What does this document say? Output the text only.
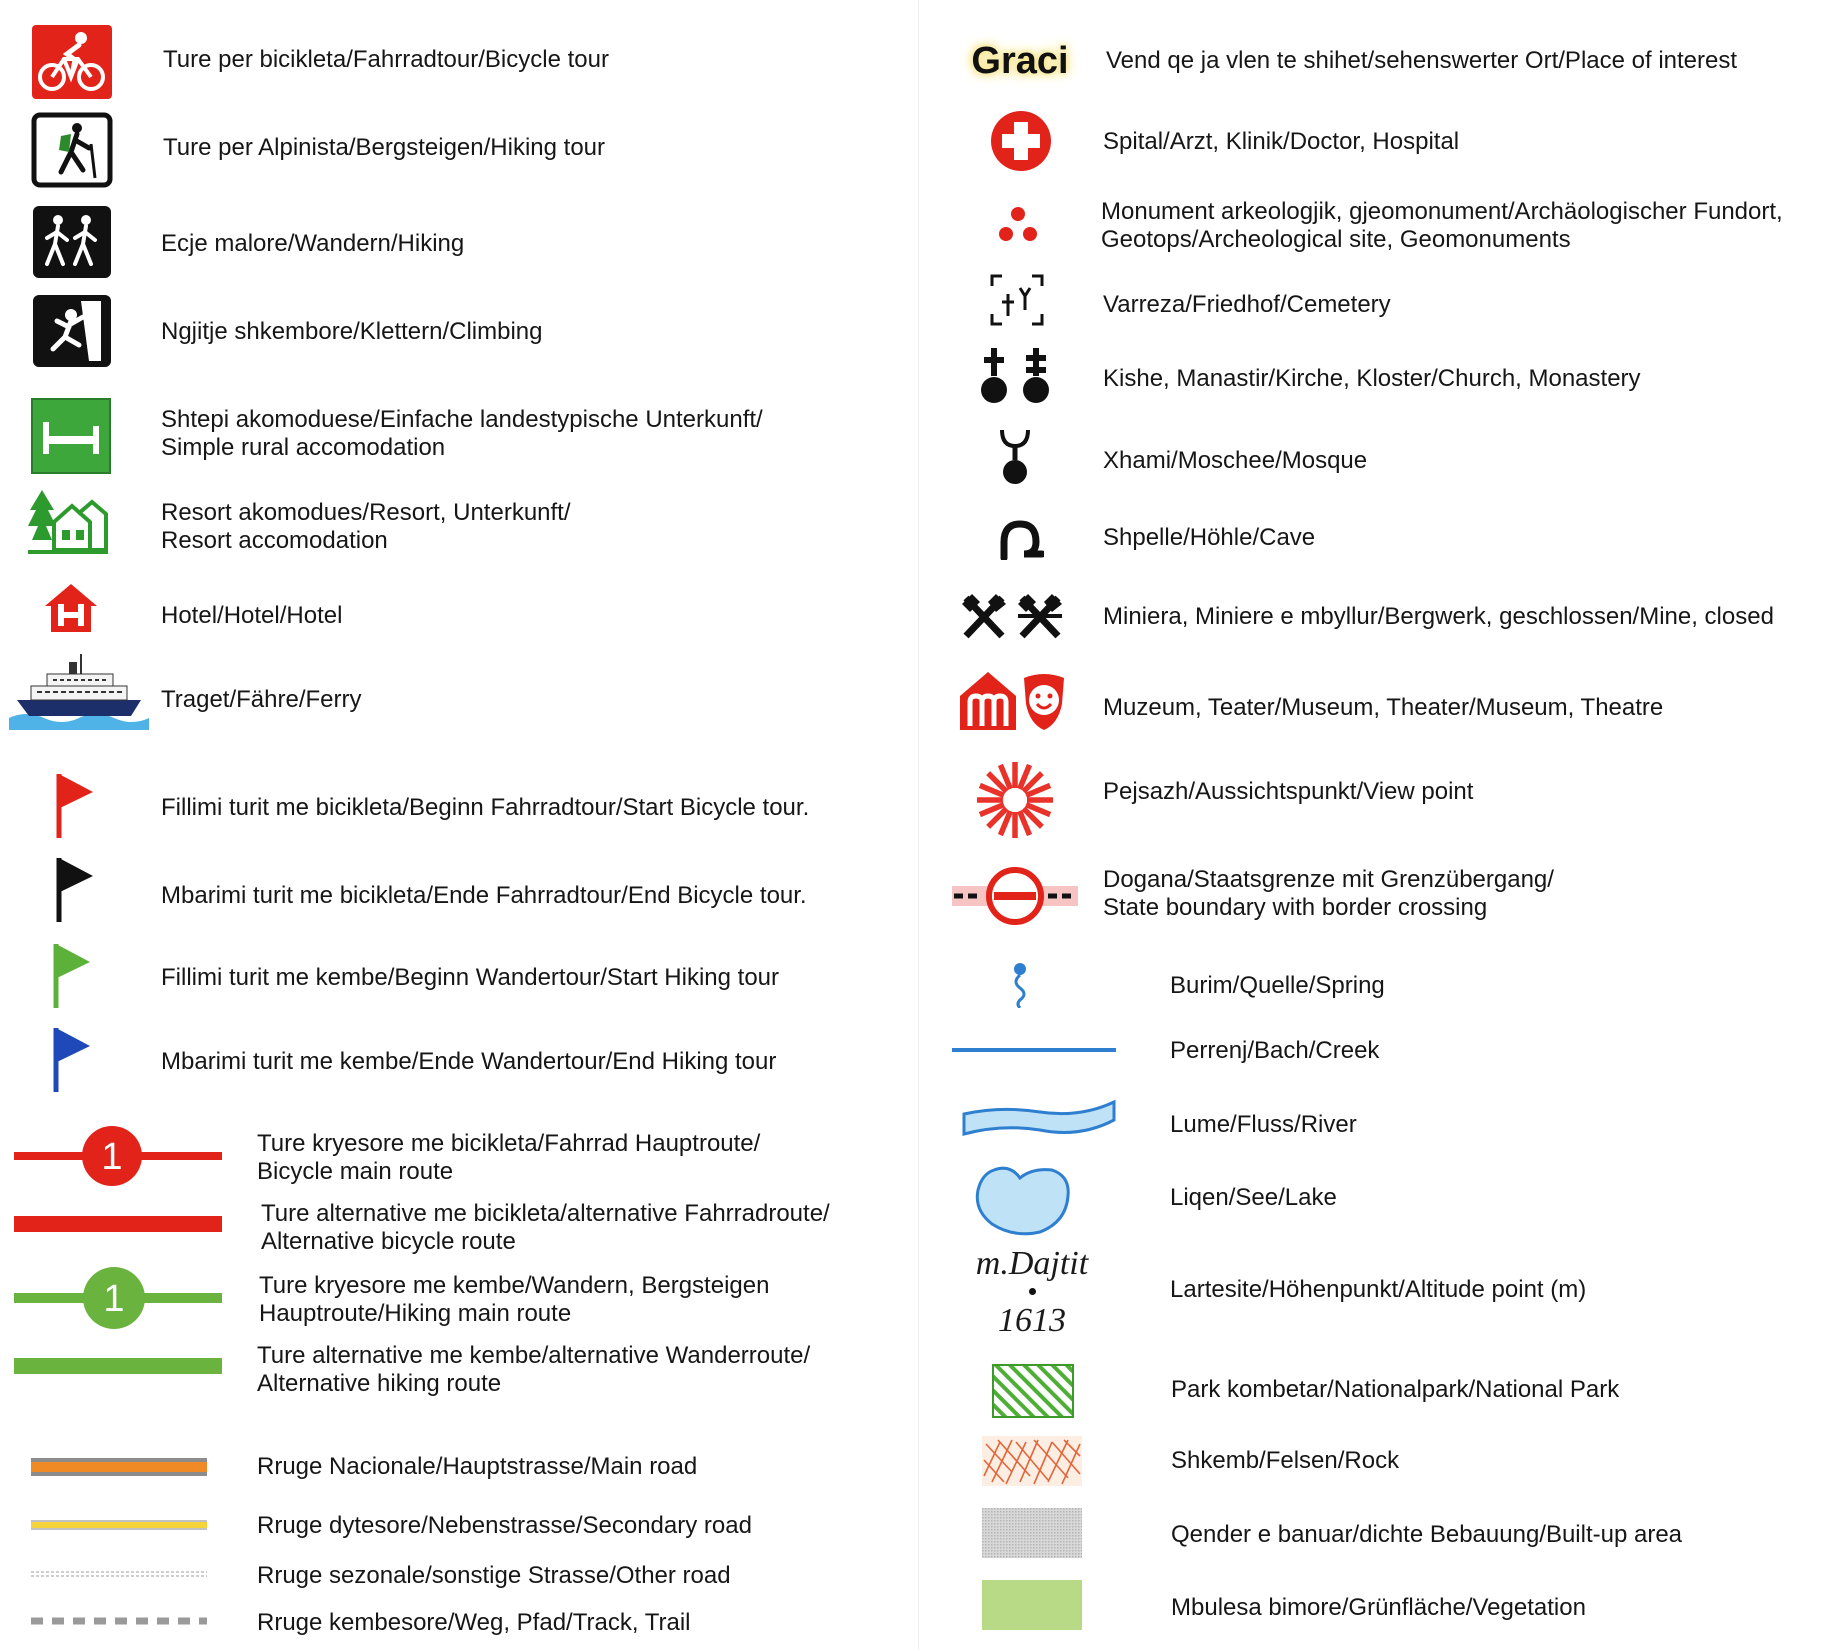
Ture per bicikleta/Fahrradtour/Bicycle tour
Ture per Alpinista/Bergsteigen/Hiking tour
Ecje malore/Wandern/Hiking
Ngjitje shkembore/Klettern/Climbing
Shtepi akomoduese/Einfache landestypische Unterkunft/
Simple rural accomodation
Resort akomodues/Resort, Unterkunft/
Resort accomodation
Hotel/Hotel/Hotel
Traget/Fähre/Ferry
Fillimi turit me bicikleta/Beginn Fahrradtour/Start Bicycle tour.
Mbarimi turit me bicikleta/Ende Fahrradtour/End Bicycle tour.
Fillimi turit me kembe/Beginn Wandertour/Start Hiking tour
Mbarimi turit me kembe/Ende Wandertour/End Hiking tour
1	Ture kryesore me bicikleta/Fahrrad Hauptroute/
Bicycle main route
Ture alternative me bicikleta/alternative Fahrradroute/
Alternative bicycle route
1	Ture kryesore me kembe/Wandern, Bergsteigen
Hauptroute/Hiking main route
Ture alternative me kembe/alternative Wanderroute/
Alternative hiking route
Rruge Nacionale/Hauptstrasse/Main road
Rruge dytesore/Nebenstrasse/Secondary road
Rruge sezonale/sonstige Strasse/Other road
Rruge kembesore/Weg, Pfad/Track, Trail
Graci Vend qe ja vlen te shihet/sehenswerter Ort/Place of interest
Spital/Arzt, Klinik/Doctor, Hospital
Monument arkeologjik, gjeomonument/Archäologischer Fundort,
Geotops/Archeological site, Geomonuments
Varreza/Friedhof/Cemetery
Kishe, Manastir/Kirche, Kloster/Church, Monastery
Xhami/Moschee/Mosque
Shpelle/Höhle/Cave
Miniera, Miniere e mbyllur/Bergwerk, geschlossen/Mine, closed
Muzeum, Teater/Museum, Theater/Museum, Theatre
Pejsazh/Aussichtspunkt/View point
Dogana/Staatsgrenze mit Grenzübergang/
State boundary with border crossing
Burim/Quelle/Spring
Perrenj/Bach/Creek
Lume/Fluss/River
Liqen/See/Lake
m.Dajtit
1613
Lartesite/Höhenpunkt/Altitude point (m)
Park kombetar/Nationalpark/National Park
Shkemb/Felsen/Rock
Qender e banuar/dichte Bebauung/Built-up area
Mbulesa bimore/Grünfläche/Vegetation
